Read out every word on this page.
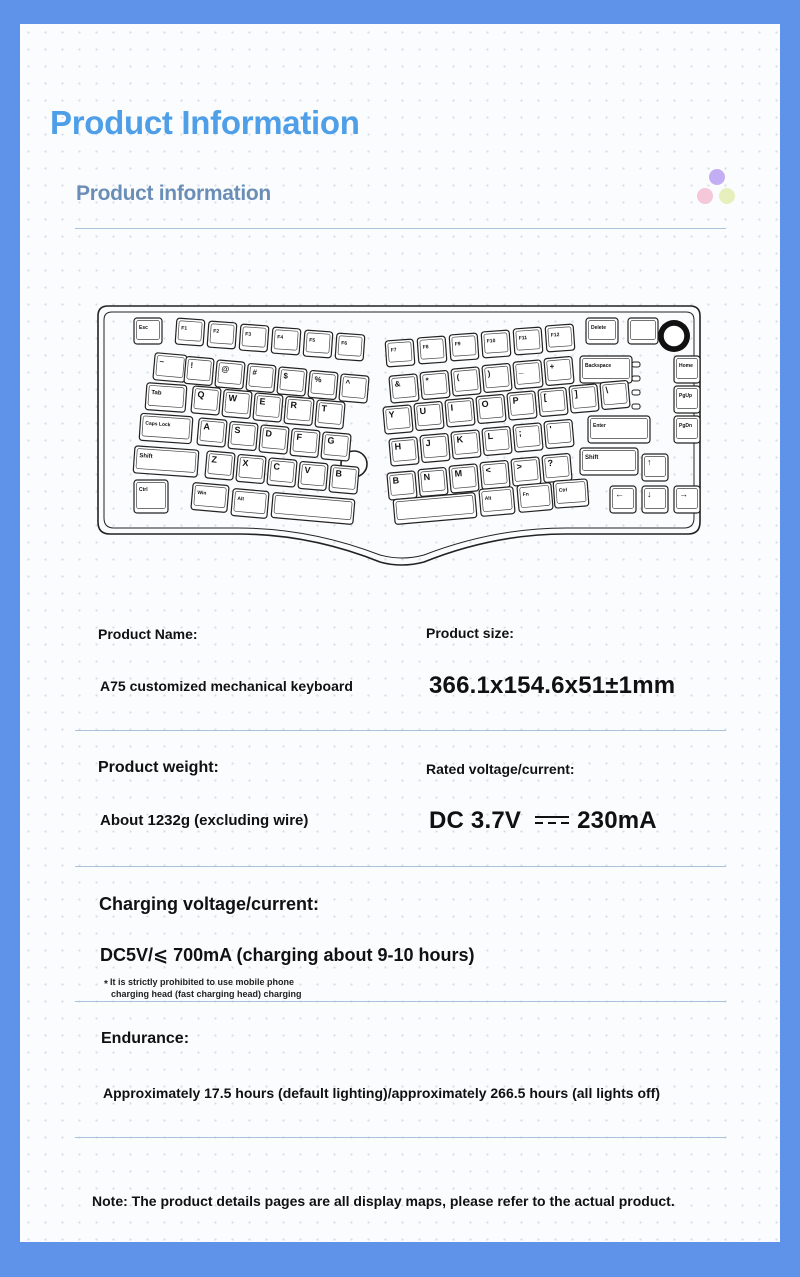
Product Information
Product information
Esc	F1	F2	F3	F4	F5	F6
F7	F8	F9	F10	F11	F12
Delete
~	!	@	#	$	%	^	&	*	(	)	_	+	Backspace	Home
Tab	Q	W E	R	T
Y	U	I	O	P	[	]	\
PgUp
Caps Lock	A	S	D	F	G
H	J	K	L	;	'	Enter	PgDn
Shift	Z	X	C	V	B
B	N	M	<	>	?	Shift	↑
Ctrl	Win
Alt	Alt
Fn
Ctrl	←	↓	→

Product Name:

A75 customized mechanical keyboard

Product size:

366.1x154.6x51±1mm

Product weight:

About 1232g (excluding wire)

Rated voltage/current:

DC 3.7V 230mA

Charging voltage/current:

DC5V/⩽ 700mA (charging about 9-10 hours)

* It is strictly prohibited to use mobile phone
charging head (fast charging head) charging

Endurance:

Approximately 17.5 hours (default lighting)/approximately 266.5 hours (all lights off)

Note: The product details pages are all display maps, please refer to the actual product.
